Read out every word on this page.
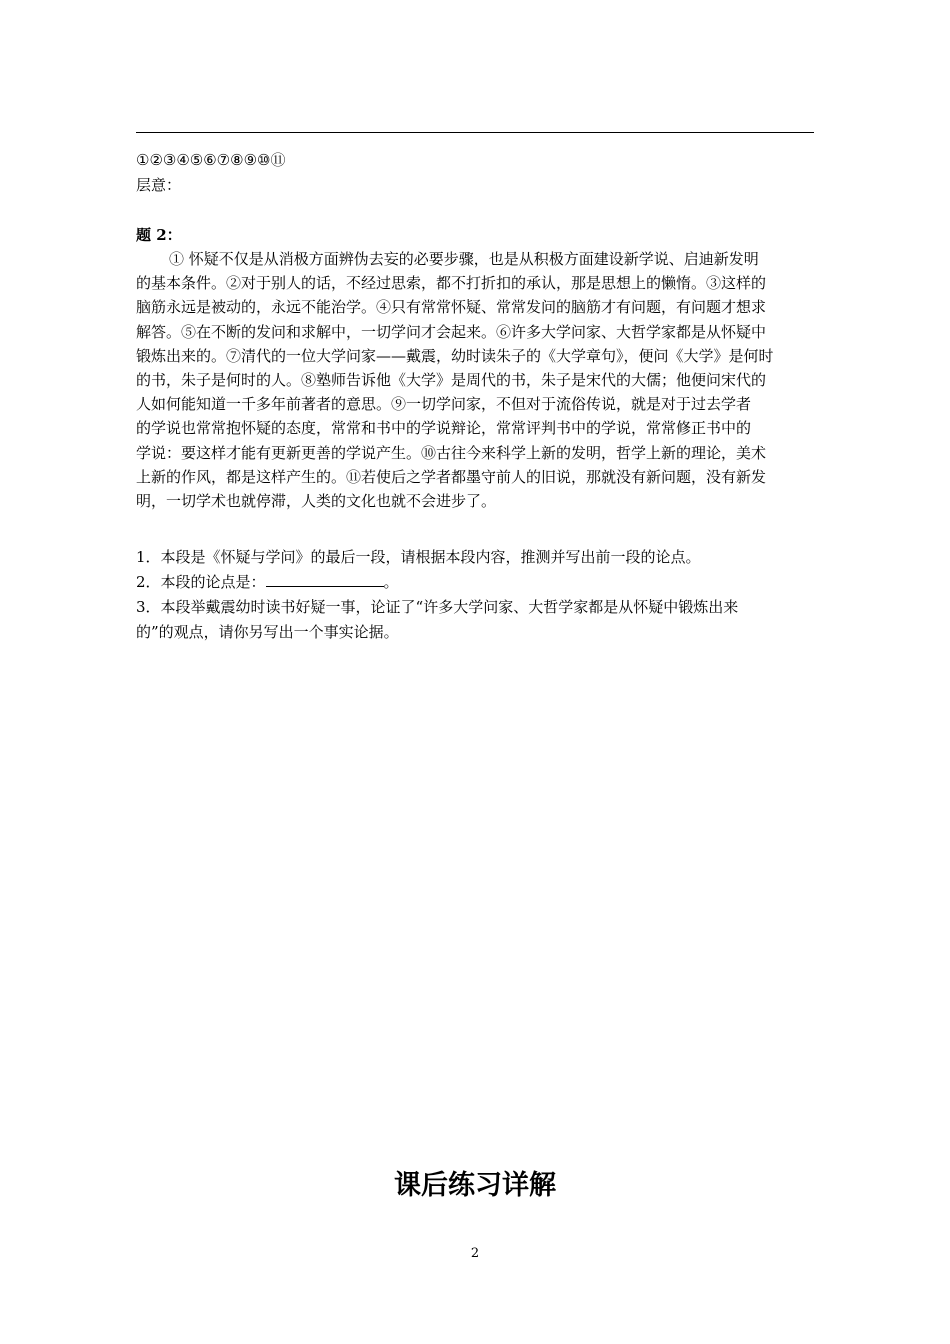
①②③④⑤⑥⑦⑧⑨⑩⑪
层意：
题 2：
① 怀疑不仅是从消极方面辨伪去妄的必要步骤，也是从积极方面建设新学说、启迪新发明
的基本条件。②对于别人的话，不经过思索，都不打折扣的承认，那是思想上的懒惰。③这样的
脑筋永远是被动的，永远不能治学。④只有常常怀疑、常常发问的脑筋才有问题，有问题才想求
解答。⑤在不断的发问和求解中，一切学问才会起来。⑥许多大学问家、大哲学家都是从怀疑中
锻炼出来的。⑦清代的一位大学问家——戴震，幼时读朱子的《大学章句》，便问《大学》是何时
的书，朱子是何时的人。⑧塾师告诉他《大学》是周代的书，朱子是宋代的大儒；他便问宋代的
人如何能知道一千多年前著者的意思。⑨一切学问家，不但对于流俗传说，就是对于过去学者
的学说也常常抱怀疑的态度，常常和书中的学说辩论，常常评判书中的学说，常常修正书中的
学说：要这样才能有更新更善的学说产生。⑩古往今来科学上新的发明，哲学上新的理论，美术
上新的作风，都是这样产生的。⑪若使后之学者都墨守前人的旧说，那就没有新问题，没有新发
明，一切学术也就停滞，人类的文化也就不会进步了。
1．本段是《怀疑与学问》的最后一段，请根据本段内容，推测并写出前一段的论点。
2．本段的论点是：	。
3．本段举戴震幼时读书好疑一事，论证了“许多大学问家、大哲学家都是从怀疑中锻炼出来
的”的观点，请你另写出一个事实论据。
课后练习详解
2
